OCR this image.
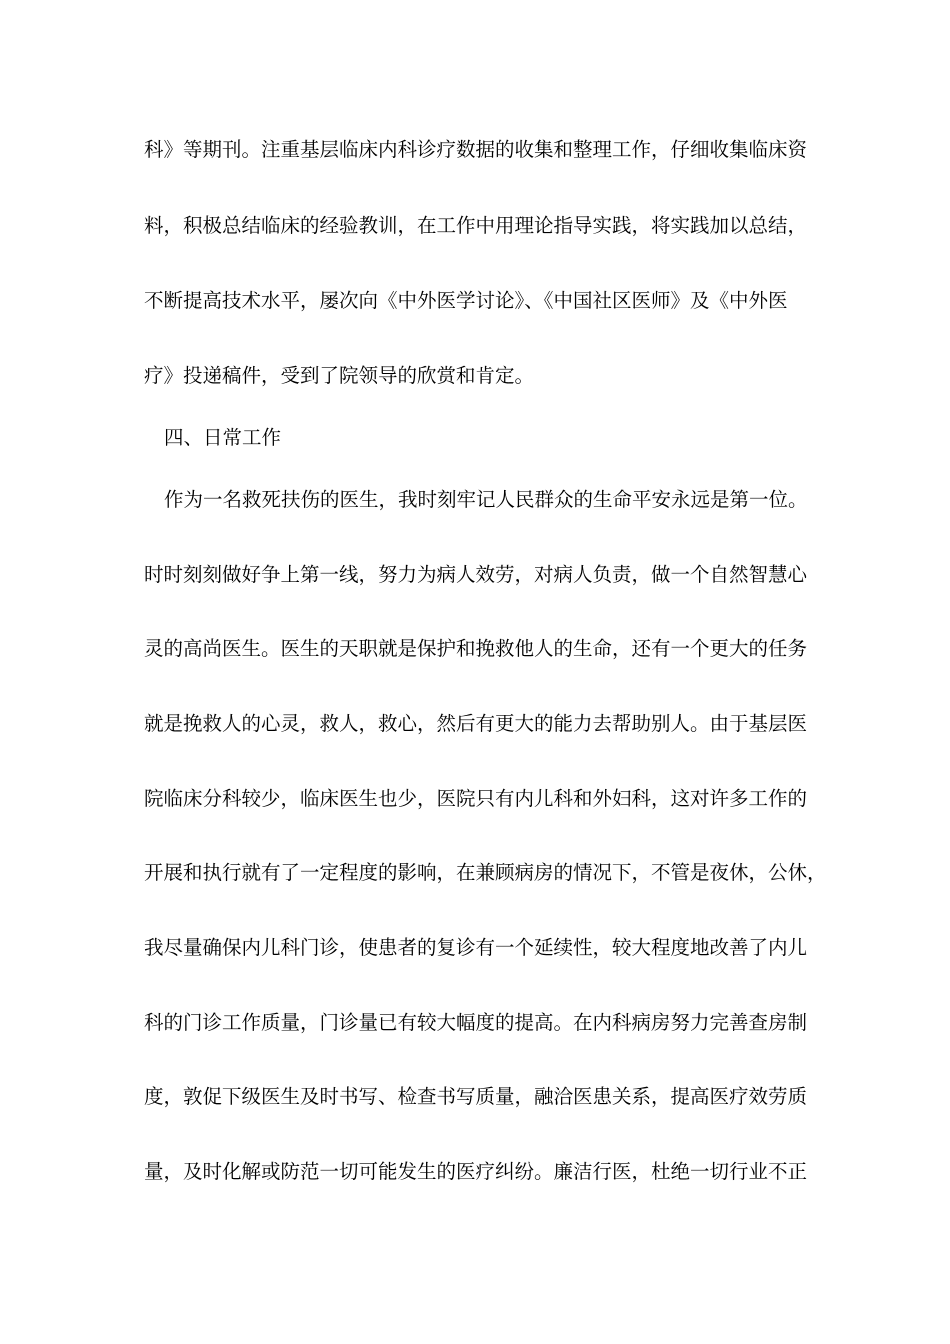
科》等期刊。注重基层临床内科诊疗数据的收集和整理工作，仔细收集临床资
料，积极总结临床的经验教训，在工作中用理论指导实践，将实践加以总结，
不断提高技术水平，屡次向《中外医学讨论》、《中国社区医师》及《中外医
疗》投递稿件，受到了院领导的欣赏和肯定。
四、日常工作
作为一名救死扶伤的医生，我时刻牢记人民群众的生命平安永远是第一位。
时时刻刻做好争上第一线，努力为病人效劳，对病人负责，做一个自然智慧心
灵的高尚医生。医生的天职就是保护和挽救他人的生命，还有一个更大的任务
就是挽救人的心灵，救人，救心，然后有更大的能力去帮助别人。由于基层医
院临床分科较少，临床医生也少，医院只有内儿科和外妇科，这对许多工作的
开展和执行就有了一定程度的影响，在兼顾病房的情况下，不管是夜休，公休，
我尽量确保内儿科门诊，使患者的复诊有一个延续性，较大程度地改善了内儿
科的门诊工作质量，门诊量已有较大幅度的提高。在内科病房努力完善查房制
度，敦促下级医生及时书写、检查书写质量，融洽医患关系，提高医疗效劳质
量，及时化解或防范一切可能发生的医疗纠纷。廉洁行医，杜绝一切行业不正
